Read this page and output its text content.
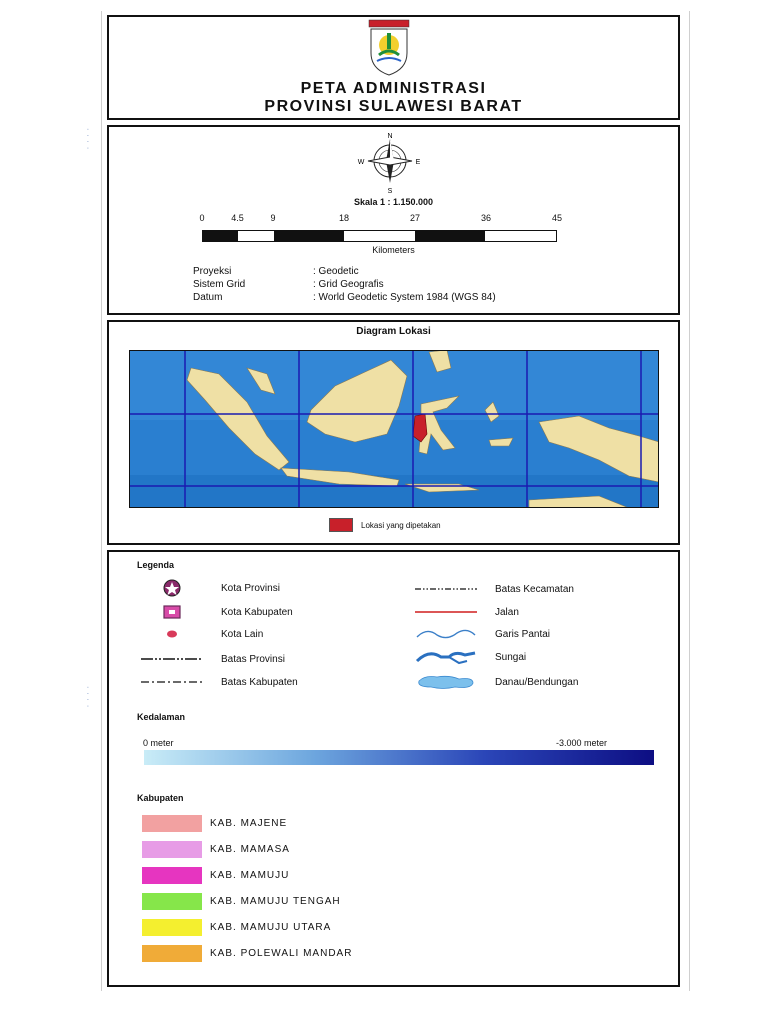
· · · ·
· · · ·
PETA ADMINISTRASI
PROVINSI SULAWESI BARAT
N
S
E
W
Skala 1 : 1.150.000
0	4.5	9	18	27	36	45
Kilometers
Proyeksi	: Geodetic
Sistem Grid	: Grid Geografis
Datum	: World Geodetic System 1984 (WGS 84)
Diagram Lokasi
Lokasi yang dipetakan
Legenda
Kota Provinsi
Kota Kabupaten
Kota Lain
Batas Provinsi
Batas Kabupaten
Batas Kecamatan
Jalan
Garis Pantai
Sungai
Danau/Bendungan
Kedalaman
0 meter	-3.000 meter
Kabupaten
KAB. MAJENE
KAB. MAMASA
KAB. MAMUJU
KAB. MAMUJU TENGAH
KAB. MAMUJU UTARA
KAB. POLEWALI MANDAR
